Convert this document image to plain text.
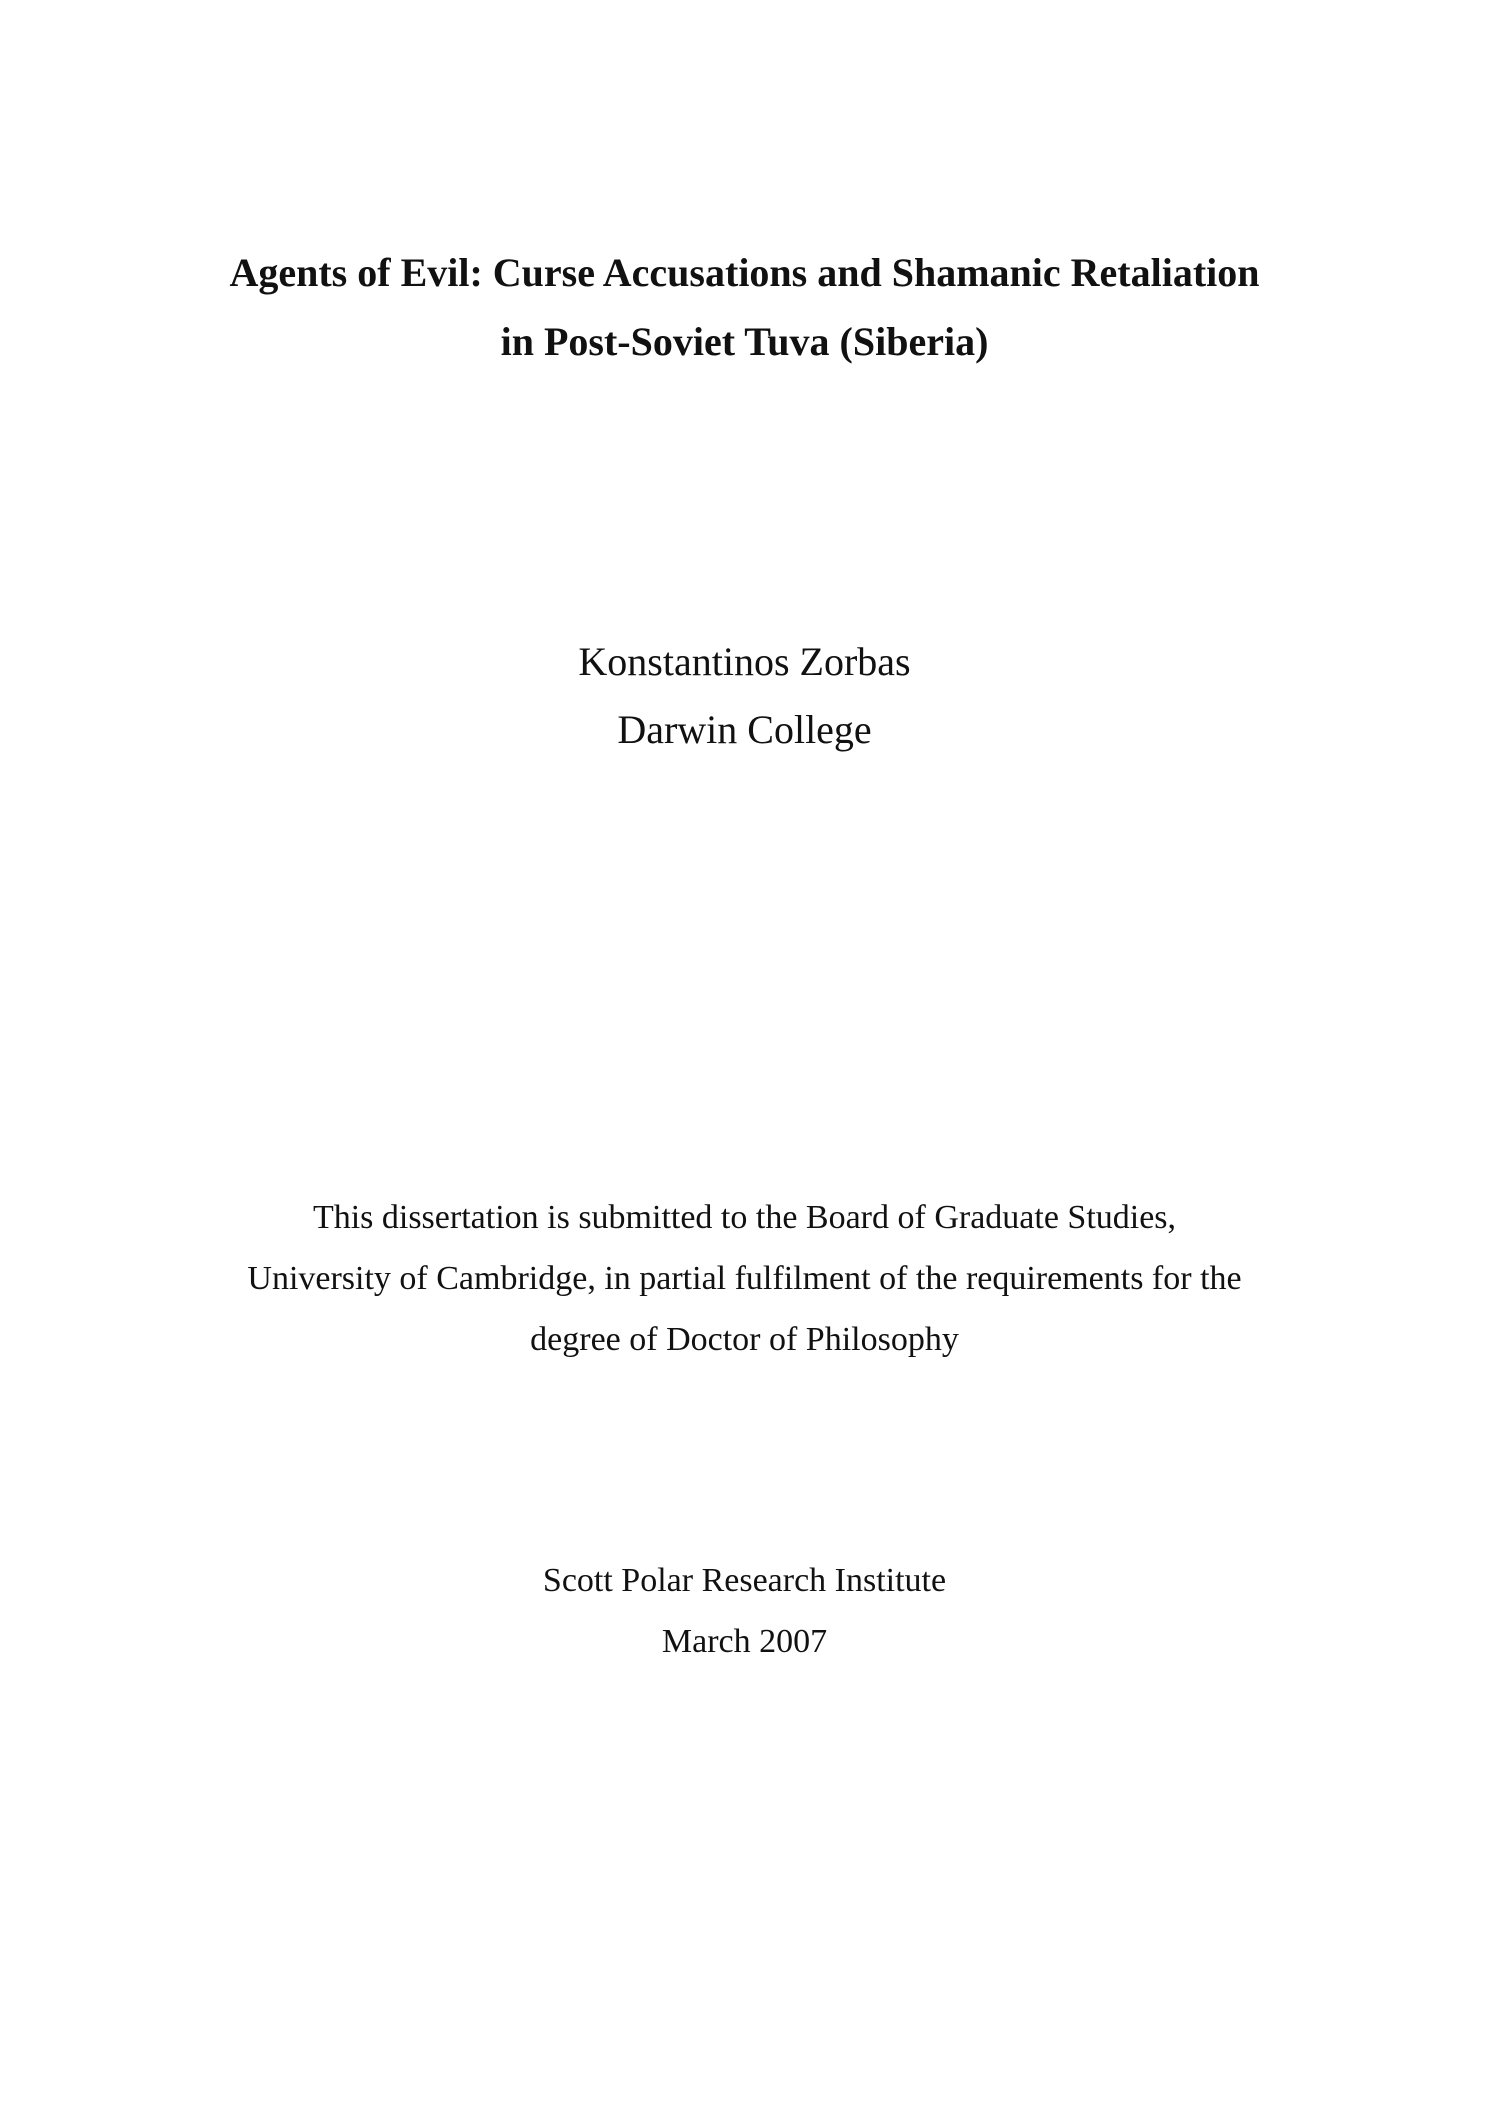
Agents of Evil: Curse Accusations and Shamanic Retaliation
in Post-Soviet Tuva (Siberia)
Konstantinos Zorbas
Darwin College
This dissertation is submitted to the Board of Graduate Studies,
University of Cambridge, in partial fulfilment of the requirements for the
degree of Doctor of Philosophy
Scott Polar Research Institute
March 2007
